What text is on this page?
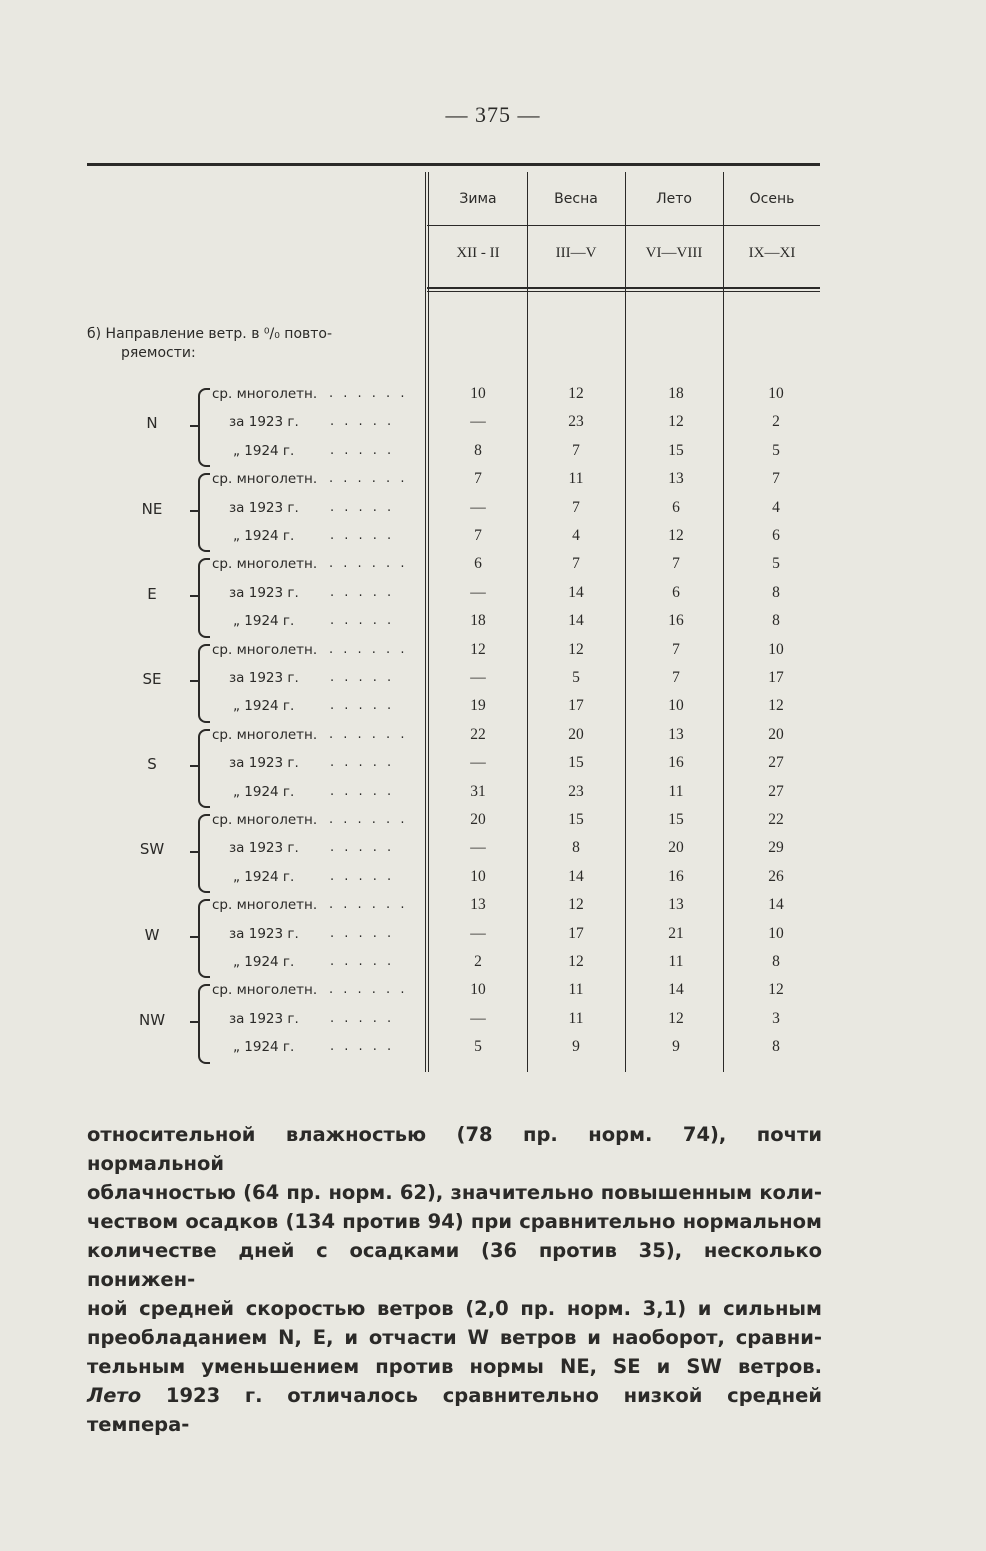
— 375 —
Зима	Весна	Лето	Осень
XII - II	III—V	VI—VIII	IX—XI
б) Направление ветр. в ⁰/₀ повто-
ряемости:
N
ср. многолетн. . . . . . .	10	12	18	10
за 1923 г. . . . . .	—	23	12	2
„ 1924 г.	. . . . .	8	7	15	5
NE
ср. многолетн. . . . . . .	7	11	13	7
за 1923 г. . . . . .	—	7	6	4
„ 1924 г.	. . . . .	7	4	12	6
E
ср. многолетн. . . . . . .	6	7	7	5
за 1923 г. . . . . .	—	14	6	8
„ 1924 г.	. . . . .	18	14	16	8
SE
ср. многолетн. . . . . . .	12	12	7	10
за 1923 г. . . . . .	—	5	7	17
„ 1924 г.	. . . . .	19	17	10	12
S
ср. многолетн. . . . . . .	22	20	13	20
за 1923 г. . . . . .	—	15	16	27
„ 1924 г.	. . . . .	31	23	11	27
SW
ср. многолетн. . . . . . .	20	15	15	22
за 1923 г. . . . . .	—	8	20	29
„ 1924 г.	. . . . .	10	14	16	26
W
ср. многолетн. . . . . . .	13	12	13	14
за 1923 г. . . . . .	—	17	21	10
„ 1924 г.	. . . . .	2	12	11	8
NW
ср. многолетн. . . . . . .	10	11	14	12
за 1923 г. . . . . .	—	11	12	3
„ 1924 г.	. . . . .	5	9	9	8
относительной влажностью (78 пр. норм. 74), почти нормальной
облачностью (64 пр. норм. 62), значительно повышенным коли-
чеством осадков (134 против 94) при сравнительно нормальном
количестве дней с осадками (36 против 35), несколько понижен-
ной средней скоростью ветров (2,0 пр. норм. 3,1) и сильным
преобладанием N, E, и отчасти W ветров и наоборот, сравни-
тельным уменьшением против нормы NE, SE и SW ветров.
Лето 1923 г. отличалось сравнительно низкой средней темпера-
